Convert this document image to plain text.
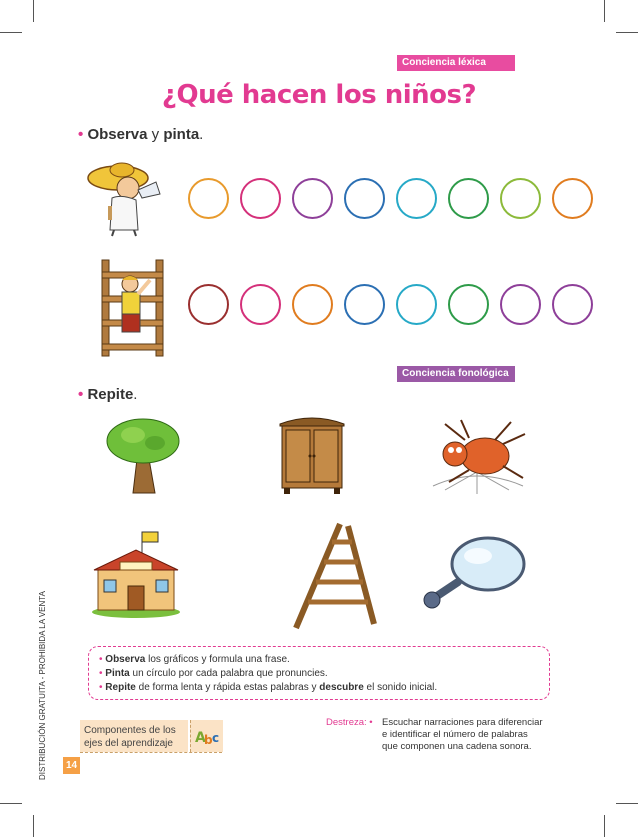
Conciencia léxica
¿Qué hacen los niños?
• Observa y pinta.
Conciencia fonológica
• Repite.
• Observa los gráficos y formula una frase.
• Pinta un círculo por cada palabra que pronuncies.
• Repite de forma lenta y rápida estas palabras y descubre el sonido inicial.
Componentes de los ejes del aprendizaje	A
b c
Destreza: • Escuchar narraciones para diferenciar
e identificar el número de palabras
que componen una cadena sonora.
14
DISTRIBUCIÓN GRATUITA - PROHIBIDA LA VENTA
